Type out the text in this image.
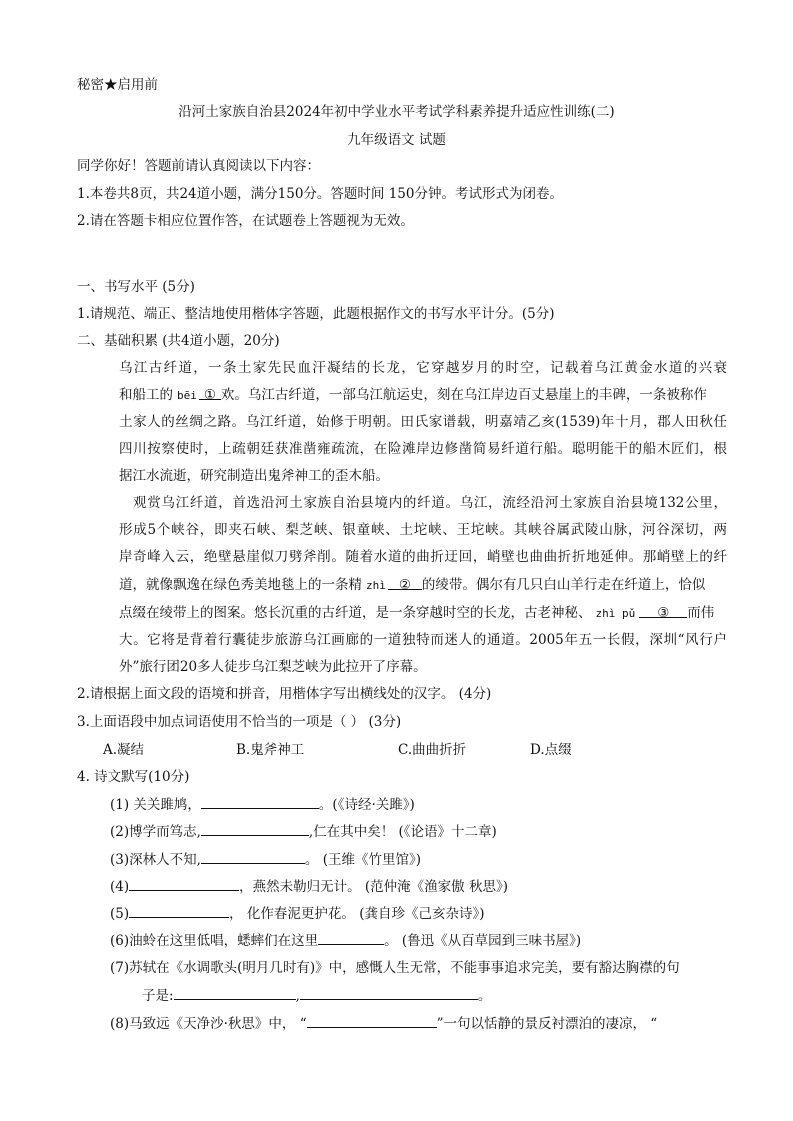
秘密★启用前
沿河土家族自治县2024年初中学业水平考试学科素养提升适应性训练(二)
九年级语文 试题
同学你好！答题前请认真阅读以下内容：
1.本卷共8页，共24道小题，满分150分。答题时间 150分钟。考试形式为闭卷。
2.请在答题卡相应位置作答，在试题卷上答题视为无效。
一、书写水平 (5分)
1.请规范、端正、整洁地使用楷体字答题，此题根据作文的书写水平计分。(5分)
二、基础积累 (共4道小题，20分)
乌江古纤道，一条土家先民血汗凝结的长龙，它穿越岁月的时空，记载着乌江黄金水道的兴衰
和船工的 bēi ① 欢。乌江古纤道，一部乌江航运史，刻在乌江岸边百丈悬崖上的丰碑，一条被称作
土家人的丝绸之路。乌江纤道，始修于明朝。田氏家谱载，明嘉靖乙亥(1539)年十月，郡人田秋任
四川按察使时，上疏朝廷获准凿雍疏流，在险滩岸边修凿简易纤道行船。聪明能干的船木匠们，根
据江水流逝，研究制造出鬼斧神工的歪木船。
观赏乌江纤道，首选沿河土家族自治县境内的纤道。乌江，流经沿河土家族自治县境132公里，
形成5个峡谷，即夹石峡、梨芝峡、银童峡、土坨峡、王坨峡。其峡谷属武陵山脉，河谷深切，两
岸奇峰入云，绝壁悬崖似刀劈斧削。随着水道的曲折迂回，峭壁也曲曲折折地延伸。那峭壁上的纤
道，就像飘逸在绿色秀美地毯上的一条精 zhì ② 的绫带。偶尔有几只白山羊行走在纤道上，恰似
点缀在绫带上的图案。悠长沉重的古纤道，是一条穿越时空的长龙，古老神秘、 zhì pǔ ③ 而伟
大。它将是背着行囊徒步旅游乌江画廊的一道独特而迷人的通道。2005年五一长假，深圳“风行户
外”旅行团20多人徒步乌江梨芝峡为此拉开了序幕。
2.请根据上面文段的语境和拼音，用楷体字写出横线处的汉字。 (4分)
3.上面语段中加点词语使用不恰当的一项是（ ） (3分)
A.凝结	B.鬼斧神工	C.曲曲折折	D.点缀
4. 诗文默写(10分)
(1) 关关雎鸠，	。(《诗经·关雎》)
(2)博学而笃志,	,仁在其中矣！ (《论语》十二章)
(3)深林人不知,	。 (王维《竹里馆》)
(4)	，燕然未勒归无计。 (范仲淹《渔家傲 秋思》)
(5)	， 化作春泥更护花。 (龚自珍《己亥杂诗》)
(6)油蛉在这里低唱，蟋蟀们在这里	。 (鲁迅《从百草园到三味书屋》)
(7)苏轼在《水调歌头(明月几时有)》中，感慨人生无常，不能事事追求完美，要有豁达胸襟的句
子是:	,	。
(8)马致远《天净沙·秋思》中， “	”一句以恬静的景反衬漂泊的凄凉， “
